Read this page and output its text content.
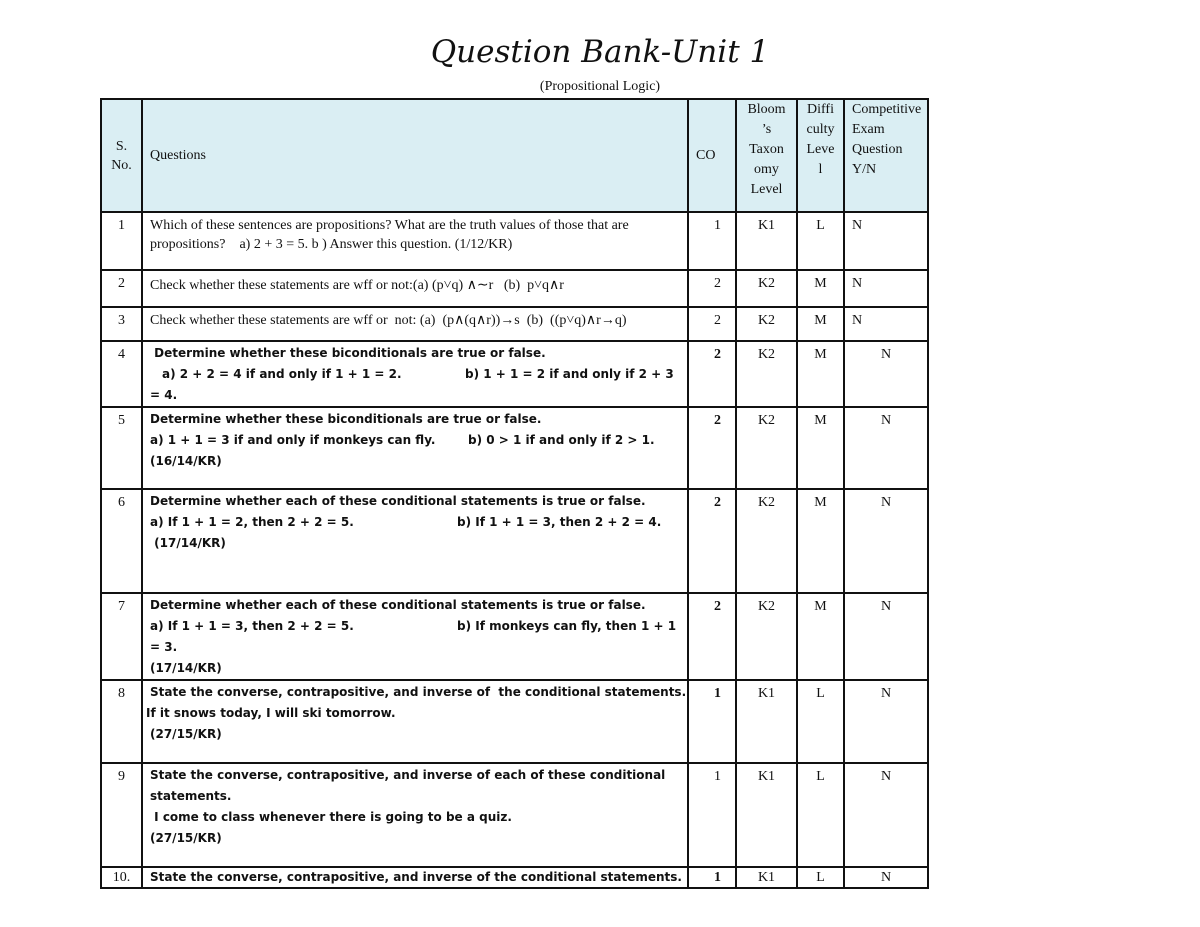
Question Bank-Unit 1
(Propositional Logic)
S. No.	Questions	CO	Bloom ’s Taxon omy Level	Diffi culty Leve l	Competitive Exam Question Y/N

1	Which of these sentences are propositions? What are the truth values of those that are
propositions?    a) 2 + 3 = 5. b ) Answer this question. (1/12/KR)	1	K1	L	N
2	Check whether these statements are wff or not:(a) (p˅q) ∧∼r   (b)  p˅q∧r	2	K2	M	N
3	Check whether these statements are wff or  not: (a)  (p∧(q∧r))→s  (b)  ((p˅q)∧r→q)	2	K2	M	N
4	Determine whether these biconditionals are true or false.
a) 2 + 2 = 4 if and only if 1 + 1 = 2. b) 1 + 1 = 2 if and only if 2 + 3 = 4.	2	K2	M	N
5	Determine whether these biconditionals are true or false.
a) 1 + 1 = 3 if and only if monkeys can fly. b) 0 > 1 if and only if 2 > 1.
(16/14/KR)	2	K2	M	N
6	Determine whether each of these conditional statements is true or false.
a) If 1 + 1 = 2, then 2 + 2 = 5. b) If 1 + 1 = 3, then 2 + 2 = 4.
(17/14/KR)	2	K2	M	N
7	Determine whether each of these conditional statements is true or false.
a) If 1 + 1 = 3, then 2 + 2 = 5. b) If monkeys can fly, then 1 + 1 = 3.
(17/14/KR)	2	K2	M	N
8	State the converse, contrapositive, and inverse of  the conditional statements.
If it snows today, I will ski tomorrow.
(27/15/KR)	1	K1	L	N
9	State the converse, contrapositive, and inverse of each of these conditional
statements.
I come to class whenever there is going to be a quiz.
(27/15/KR)	1	K1	L	N
10.	State the converse, contrapositive, and inverse of the conditional statements.	1	K1	L	N
